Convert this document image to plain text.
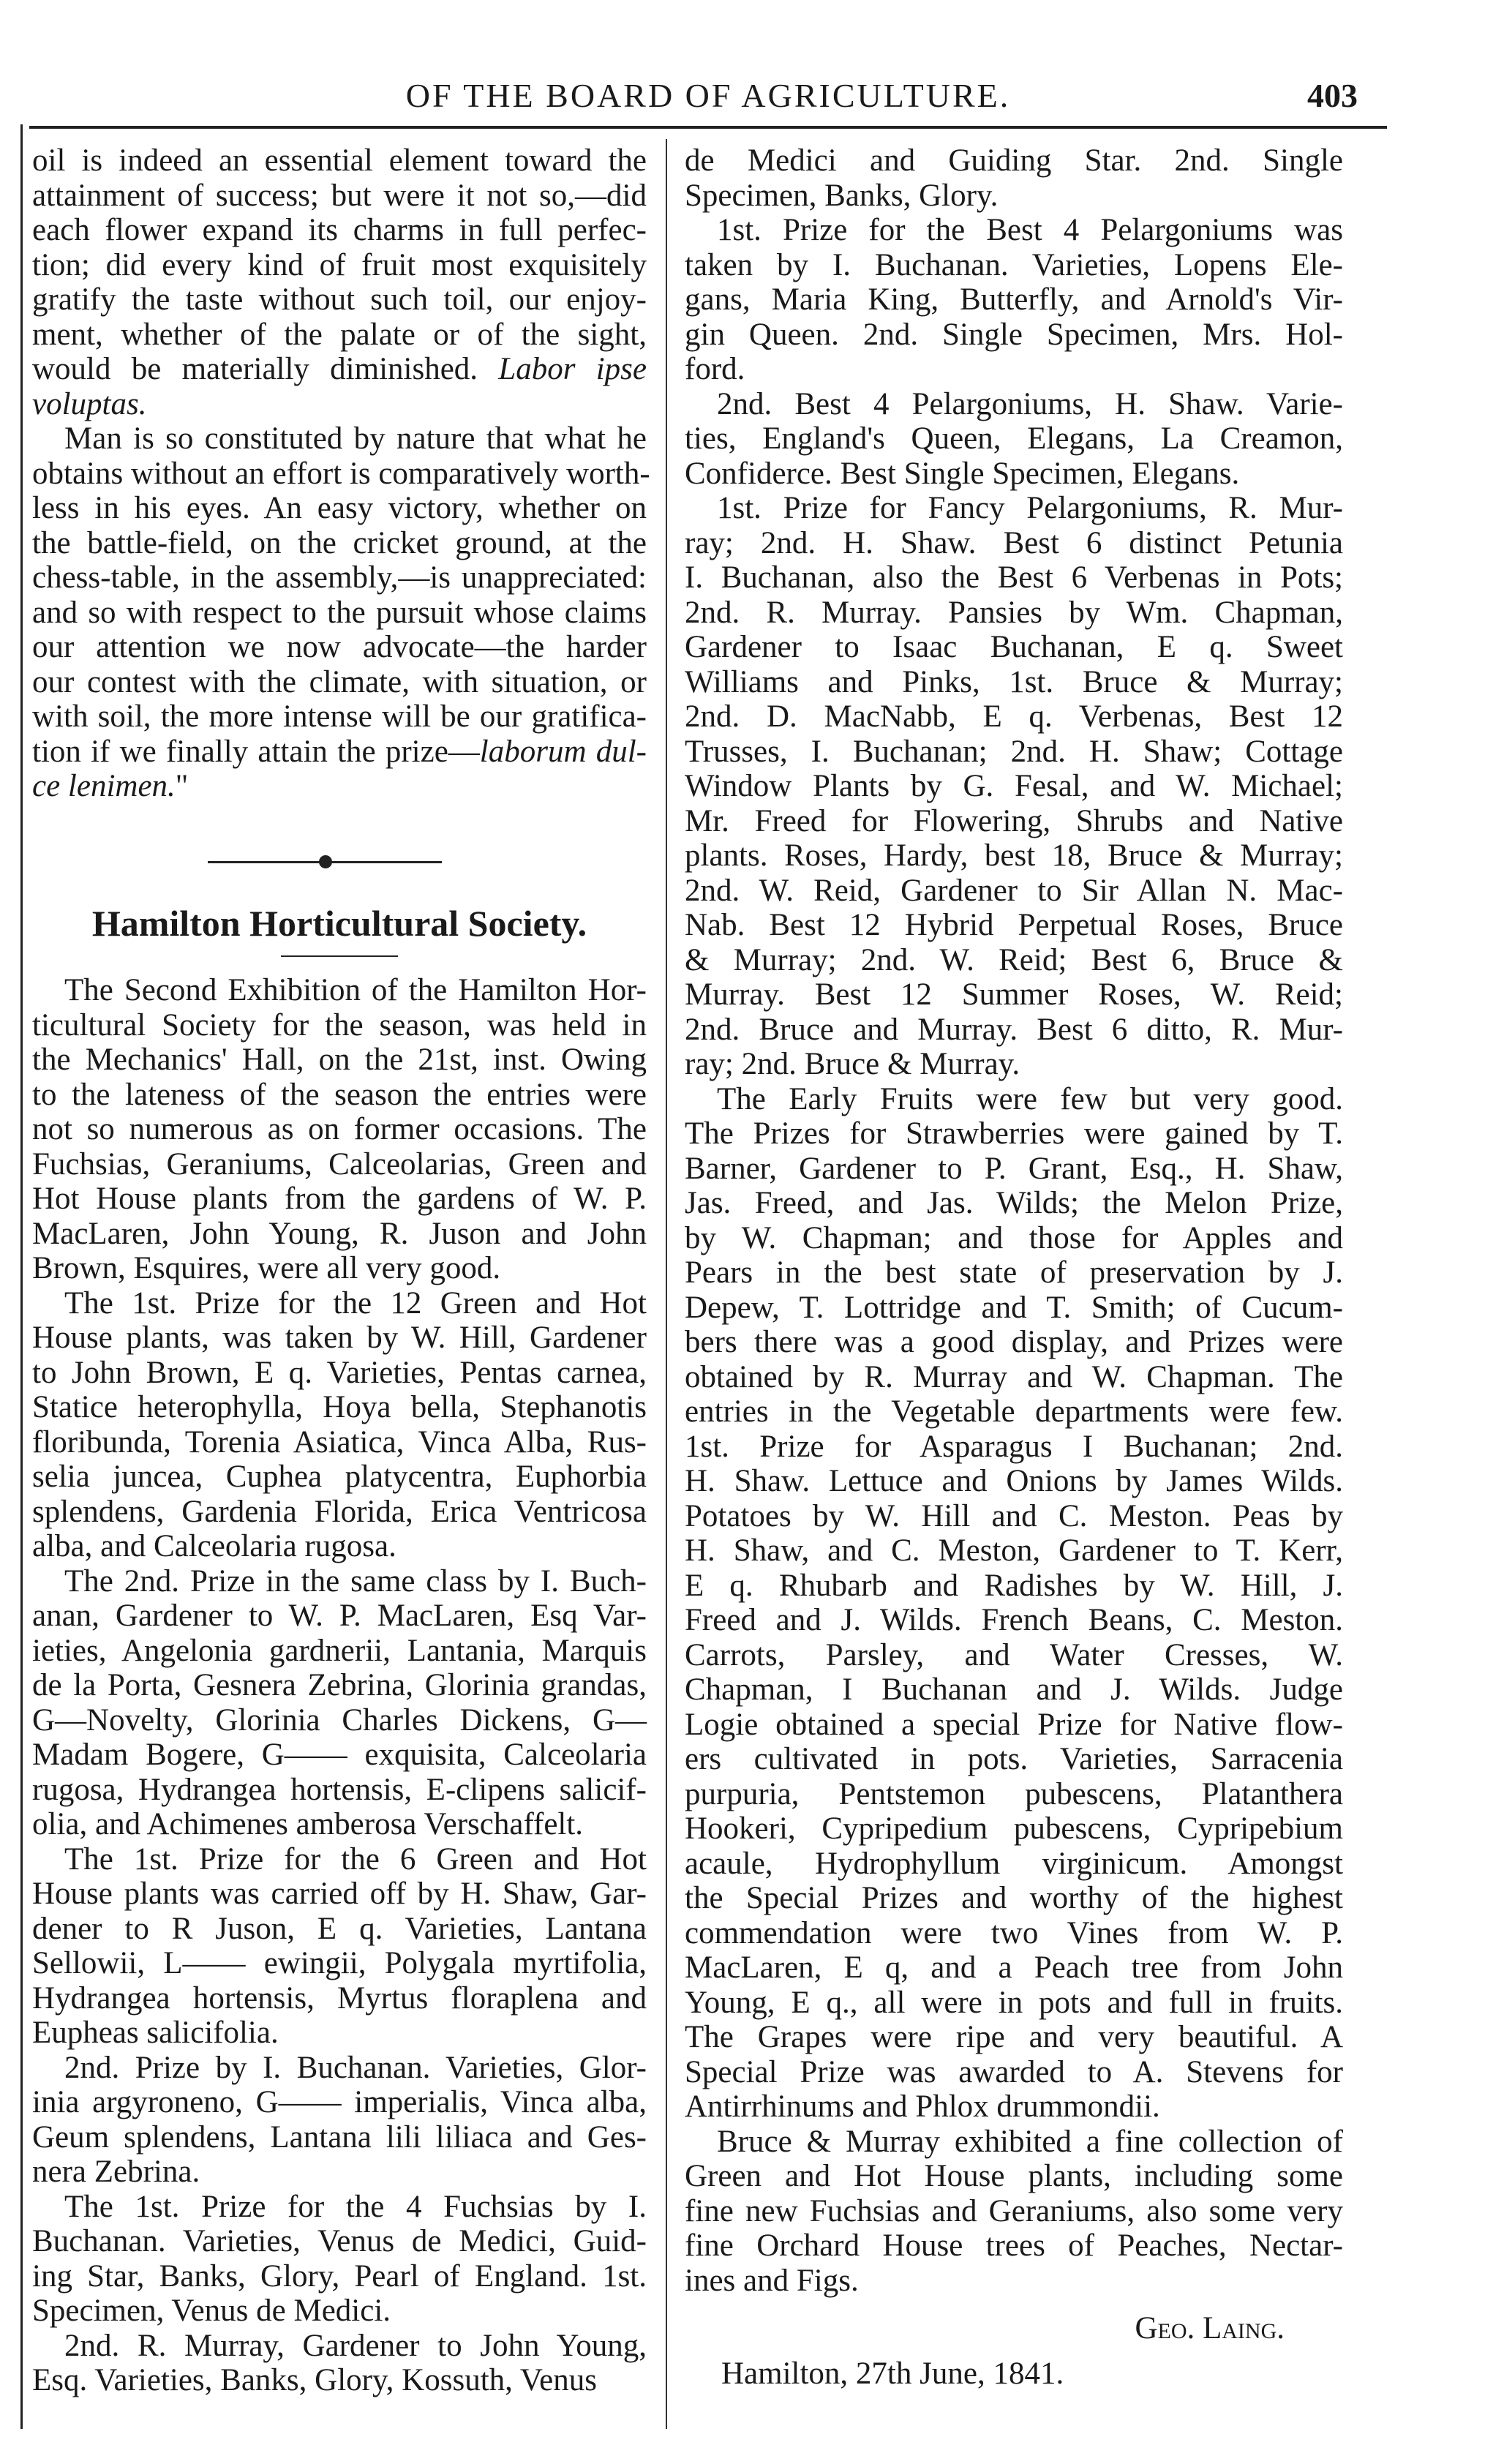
OF THE BOARD OF AGRICULTURE.	403
oil is indeed an essential element toward the
attainment of success; but were it not so,—did
each flower expand its charms in full perfec-
tion; did every kind of fruit most exquisitely
gratify the taste without such toil, our enjoy-
ment, whether of the palate or of the sight,
would be materially diminished. Labor ipse
voluptas.
Man is so constituted by nature that what he
obtains without an effort is comparatively worth-
less in his eyes. An easy victory, whether on
the battle-field, on the cricket ground, at the
chess-table, in the assembly,—is unappreciated:
and so with respect to the pursuit whose claims
our attention we now advocate—the harder
our contest with the climate, with situation, or
with soil, the more intense will be our gratifica-
tion if we finally attain the prize—laborum dul-
ce lenimen."
Hamilton Horticultural Society.
The Second Exhibition of the Hamilton Hor-
ticultural Society for the season, was held in
the Mechanics' Hall, on the 21st, inst. Owing
to the lateness of the season the entries were
not so numerous as on former occasions. The
Fuchsias, Geraniums, Calceolarias, Green and
Hot House plants from the gardens of W. P.
MacLaren, John Young, R. Juson and John
Brown, Esquires, were all very good.
The 1st. Prize for the 12 Green and Hot
House plants, was taken by W. Hill, Gardener
to John Brown, E q. Varieties, Pentas carnea,
Statice heterophylla, Hoya bella, Stephanotis
floribunda, Torenia Asiatica, Vinca Alba, Rus-
selia juncea, Cuphea platycentra, Euphorbia
splendens, Gardenia Florida, Erica Ventricosa
alba, and Calceolaria rugosa.
The 2nd. Prize in the same class by I. Buch-
anan, Gardener to W. P. MacLaren, Esq Var-
ieties, Angelonia gardnerii, Lantania, Marquis
de la Porta, Gesnera Zebrina, Glorinia grandas,
G—Novelty, Glorinia Charles Dickens, G—
Madam Bogere, G—— exquisita, Calceolaria
rugosa, Hydrangea hortensis, E-clipens salicif-
olia, and Achimenes amberosa Verschaffelt.
The 1st. Prize for the 6 Green and Hot
House plants was carried off by H. Shaw, Gar-
dener to R Juson, E q. Varieties, Lantana
Sellowii, L—— ewingii, Polygala myrtifolia,
Hydrangea hortensis, Myrtus floraplena and
Eupheas salicifolia.
2nd. Prize by I. Buchanan. Varieties, Glor-
inia argyroneno, G—— imperialis, Vinca alba,
Geum splendens, Lantana lili liliaca and Ges-
nera Zebrina.
The 1st. Prize for the 4 Fuchsias by I.
Buchanan. Varieties, Venus de Medici, Guid-
ing Star, Banks, Glory, Pearl of England. 1st.
Specimen, Venus de Medici.
2nd. R. Murray, Gardener to John Young,
Esq. Varieties, Banks, Glory, Kossuth, Venus
de Medici and Guiding Star. 2nd. Single
Specimen, Banks, Glory.
1st. Prize for the Best 4 Pelargoniums was
taken by I. Buchanan. Varieties, Lopens Ele-
gans, Maria King, Butterfly, and Arnold's Vir-
gin Queen. 2nd. Single Specimen, Mrs. Hol-
ford.
2nd. Best 4 Pelargoniums, H. Shaw. Varie-
ties, England's Queen, Elegans, La Creamon,
Confiderce. Best Single Specimen, Elegans.
1st. Prize for Fancy Pelargoniums, R. Mur-
ray; 2nd. H. Shaw. Best 6 distinct Petunia
I. Buchanan, also the Best 6 Verbenas in Pots;
2nd. R. Murray. Pansies by Wm. Chapman,
Gardener to Isaac Buchanan, E q. Sweet
Williams and Pinks, 1st. Bruce & Murray;
2nd. D. MacNabb, E q. Verbenas, Best 12
Trusses, I. Buchanan; 2nd. H. Shaw; Cottage
Window Plants by G. Fesal, and W. Michael;
Mr. Freed for Flowering, Shrubs and Native
plants. Roses, Hardy, best 18, Bruce & Murray;
2nd. W. Reid, Gardener to Sir Allan N. Mac-
Nab. Best 12 Hybrid Perpetual Roses, Bruce
& Murray; 2nd. W. Reid; Best 6, Bruce &
Murray. Best 12 Summer Roses, W. Reid;
2nd. Bruce and Murray. Best 6 ditto, R. Mur-
ray; 2nd. Bruce & Murray.
The Early Fruits were few but very good.
The Prizes for Strawberries were gained by T.
Barner, Gardener to P. Grant, Esq., H. Shaw,
Jas. Freed, and Jas. Wilds; the Melon Prize,
by W. Chapman; and those for Apples and
Pears in the best state of preservation by J.
Depew, T. Lottridge and T. Smith; of Cucum-
bers there was a good display, and Prizes were
obtained by R. Murray and W. Chapman. The
entries in the Vegetable departments were few.
1st. Prize for Asparagus I Buchanan; 2nd.
H. Shaw. Lettuce and Onions by James Wilds.
Potatoes by W. Hill and C. Meston. Peas by
H. Shaw, and C. Meston, Gardener to T. Kerr,
E q. Rhubarb and Radishes by W. Hill, J.
Freed and J. Wilds. French Beans, C. Meston.
Carrots, Parsley, and Water Cresses, W.
Chapman, I Buchanan and J. Wilds. Judge
Logie obtained a special Prize for Native flow-
ers cultivated in pots. Varieties, Sarracenia
purpuria, Pentstemon pubescens, Platanthera
Hookeri, Cypripedium pubescens, Cypripebium
acaule, Hydrophyllum virginicum. Amongst
the Special Prizes and worthy of the highest
commendation were two Vines from W. P.
MacLaren, E q, and a Peach tree from John
Young, E q., all were in pots and full in fruits.
The Grapes were ripe and very beautiful. A
Special Prize was awarded to A. Stevens for
Antirrhinums and Phlox drummondii.
Bruce & Murray exhibited a fine collection of
Green and Hot House plants, including some
fine new Fuchsias and Geraniums, also some very
fine Orchard House trees of Peaches, Nectar-
ines and Figs.
Geo. Laing.
Hamilton, 27th June, 1841.
